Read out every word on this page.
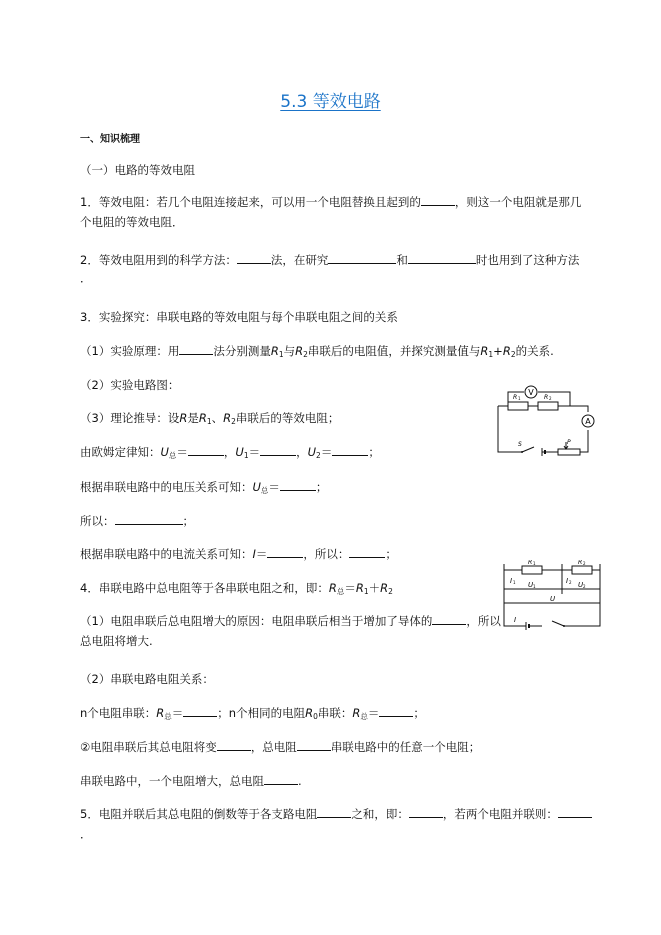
5.3 等效电路
一、知识梳理
（一）电路的等效电阻
1．等效电阻：若几个电阻连接起来，可以用一个电阻替换且起到的	，则这一个电阻就是那几
个电阻的等效电阻．
2．等效电阻用到的科学方法：	法，在研究	和	时也用到了这种方法
．
3．实验探究：串联电路的等效电阻与每个串联电阻之间的关系
（1）实验原理：用	法分别测量$R_1$与$R_2$串联后的电阻值，并探究测量值与$R_1+R_2$的关系.
（2）实验电路图：
（3）理论推导：设R是$R_1$、$R_2$串联后的等效电阻；
由欧姆定律知：$U_总=$	，$U_1=$	，$U_2=$	；
根据串联电路中的电压关系可知：$U_总=$	；
所以：	；
根据串联电路中的电流关系可知：I＝	，所以：	；
4．串联电路中总电阻等于各串联电阻之和，即：$R_总=R_1+R_2$
（1）电阻串联后总电阻增大的原因：电阻串联后相当于增加了导体的	，所以
总电阻将增大.
（2）串联电路电阻关系：
n个电阻串联：$R_总=$	；n个相同的电阻$R_0$串联：$R_总=$	；
②电阻串联后其总电阻将变	，总电阻	串联电路中的任意一个电阻；
串联电路中，一个电阻增大，总电阻	.
5．电阻并联后其总电阻的倒数等于各支路电阻	之和，即：	，若两个电阻并联则：
．
V
A
R 1	R 2
S	P
R 1	R 2
I 1	I 2
U 1	U 2
U
I
